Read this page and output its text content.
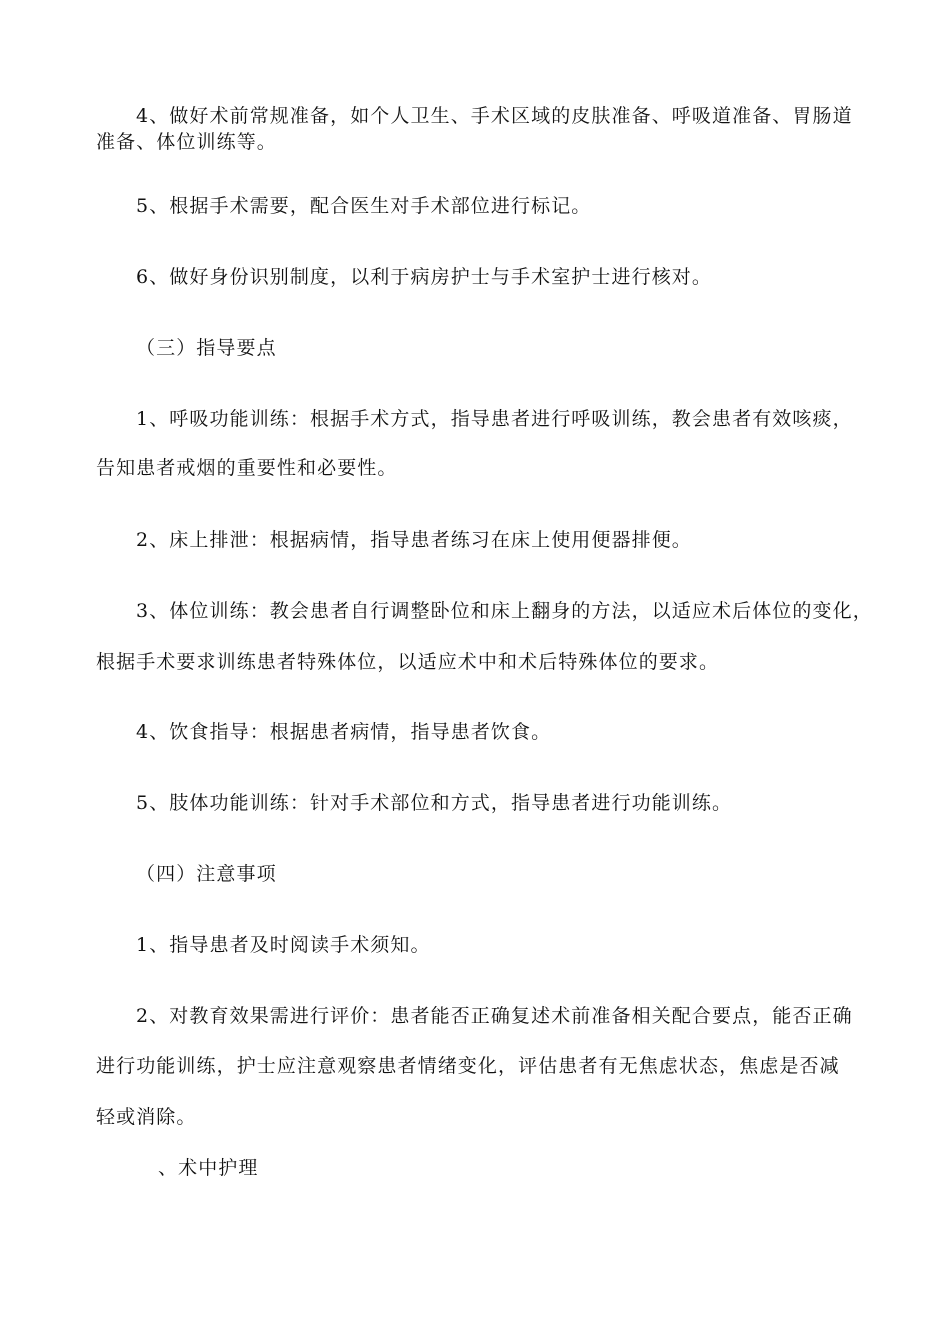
4、做好术前常规准备，如个人卫生、手术区域的皮肤准备、呼吸道准备、胃肠道
准备、体位训练等。
5、根据手术需要，配合医生对手术部位进行标记。
6、做好身份识别制度，以利于病房护士与手术室护士进行核对。
（三）指导要点
1、呼吸功能训练：根据手术方式，指导患者进行呼吸训练，教会患者有效咳痰，
告知患者戒烟的重要性和必要性。
2、床上排泄：根据病情，指导患者练习在床上使用便器排便。
3、体位训练：教会患者自行调整卧位和床上翻身的方法，以适应术后体位的变化，
根据手术要求训练患者特殊体位，以适应术中和术后特殊体位的要求。
4、饮食指导：根据患者病情，指导患者饮食。
5、肢体功能训练：针对手术部位和方式，指导患者进行功能训练。
（四）注意事项
1、指导患者及时阅读手术须知。
2、对教育效果需进行评价：患者能否正确复述术前准备相关配合要点，能否正确
进行功能训练，护士应注意观察患者情绪变化，评估患者有无焦虑状态，焦虑是否减
轻或消除。
、术中护理
